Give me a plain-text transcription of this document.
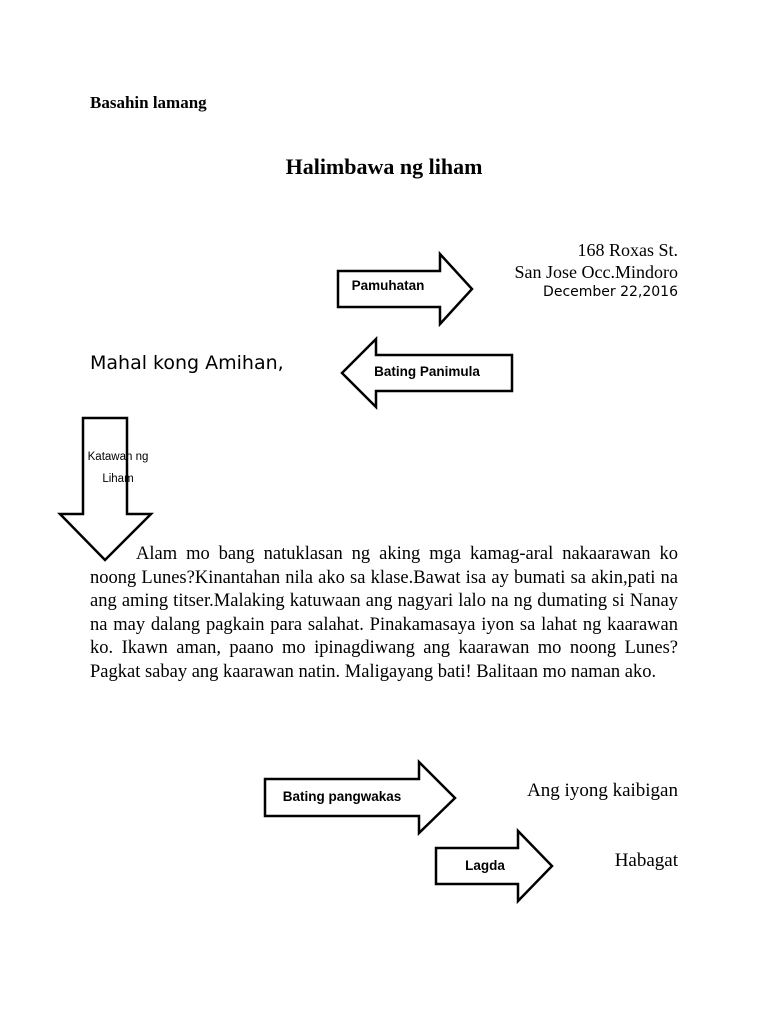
Basahin lamang
Halimbawa ng liham
168 Roxas St.
San Jose Occ.Mindoro
December 22,2016
Pamuhatan
Mahal kong Amihan,	Bating Panimula
Katawan ng
Liham
Alam mo bang natuklasan ng aking mga kamag-aral nakaarawan ko noong Lunes?Kinantahan nila ako sa klase.Bawat isa ay bumati sa akin,pati na ang aming titser.Malaking katuwaan ang nagyari lalo na ng dumating si Nanay na may dalang pagkain para salahat. Pinakamasaya iyon sa lahat ng kaarawan ko. Ikawn aman, paano mo ipinagdiwang ang kaarawan mo noong Lunes? Pagkat sabay ang kaarawan natin. Maligayang bati! Balitaan mo naman ako.
Bating pangwakas	Ang iyong kaibigan
Lagda	Habagat
